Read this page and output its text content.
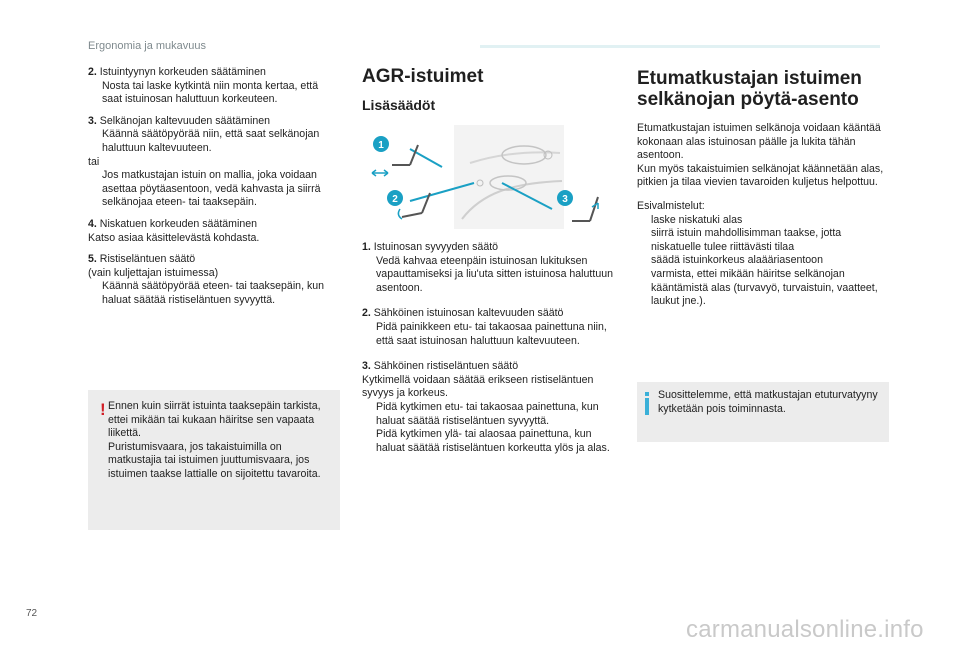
Ergonomia ja mukavuus

2. Istuintyynyn korkeuden säätäminen
Nosta tai laske kytkintä niin monta kertaa, että saat istuinosan haluttuun korkeuteen.

3. Selkänojan kaltevuuden säätäminen
Käännä säätöpyörää niin, että saat selkänojan haluttuun kaltevuuteen.
tai
Jos matkustajan istuin on mallia, joka voidaan asettaa pöytäasentoon, vedä kahvasta ja siirrä selkänojaa eteen- tai taaksepäin.

4. Niskatuen korkeuden säätäminen
Katso asiaa käsittelevästä kohdasta.

5. Ristiseläntuen säätö
(vain kuljettajan istuimessa)
Käännä säätöpyörää eteen- tai taaksepäin, kun haluat säätää ristiseläntuen syvyyttä.

! Ennen kuin siirrät istuinta taaksepäin tarkista, ettei mikään tai kukaan häiritse sen vapaata liikettä.
Puristumisvaara, jos takaistuimilla on matkustajia tai istuimen juuttumisvaara, jos istuimen taakse lattialle on sijoitettu tavaroita.
AGR-istuimet
Lisäsäädöt
1
2	3

1. Istuinosan syvyyden säätö
Vedä kahvaa eteenpäin istuinosan lukituksen vapauttamiseksi ja liu'uta sitten istuinosa haluttuun asentoon.

2. Sähköinen istuinosan kaltevuuden säätö
Pidä painikkeen etu- tai takaosaa painettuna niin, että saat istuinosan haluttuun kaltevuuteen.

3. Sähköinen ristiseläntuen säätö
Kytkimellä voidaan säätää erikseen ristiseläntuen syvyys ja korkeus.
Pidä kytkimen etu- tai takaosaa painettuna, kun haluat säätää ristiseläntuen syvyyttä.
Pidä kytkimen ylä- tai alaosaa painettuna, kun haluat säätää ristiseläntuen korkeutta ylös ja alas.

Etumatkustajan istuimen
selkänojan pöytä-asento
Etumatkustajan istuimen selkänoja voidaan kääntää kokonaan alas istuinosan päälle ja lukita tähän asentoon.
Kun myös takaistuimien selkänojat käännetään alas, pitkien ja tilaa vievien tavaroiden kuljetus helpottuu.
Esivalmistelut:
laske niskatuki alas
siirrä istuin mahdollisimman taakse, jotta niskatuelle tulee riittävästi tilaa
säädä istuinkorkeus alaääriasentoon
varmista, ettei mikään häiritse selkänojan kääntämistä alas (turvavyö, turvaistuin, vaatteet, laukut jne.).
Suosittelemme, että matkustajan etuturvatyyny kytketään pois toiminnasta.
72
carmanualsonline.info
